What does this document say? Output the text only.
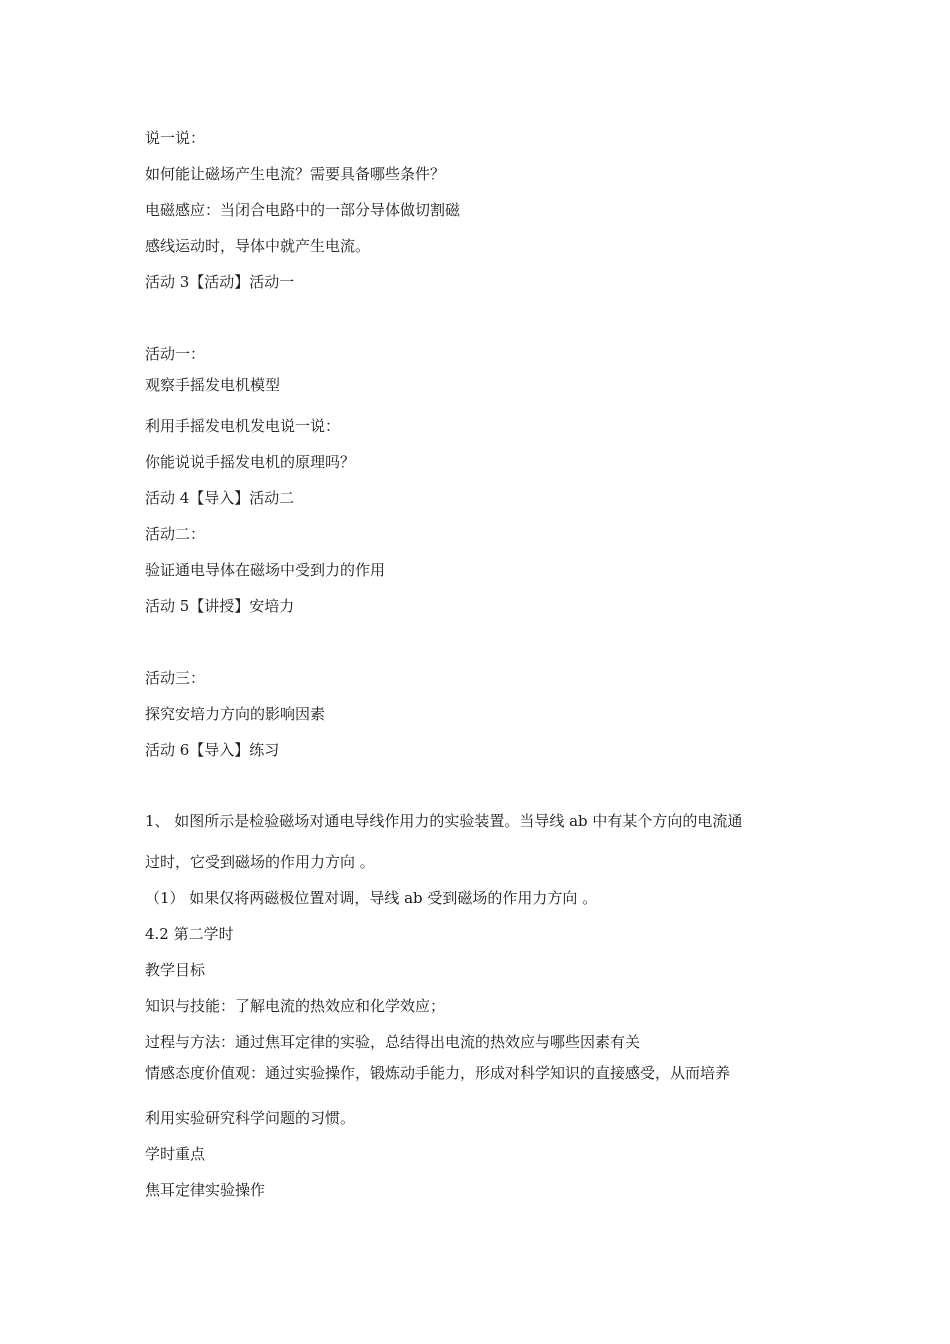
说一说：
如何能让磁场产生电流？需要具备哪些条件？
电磁感应：当闭合电路中的一部分导体做切割磁
感线运动时，导体中就产生电流。
活动 3【活动】活动一
活动一：
观察手摇发电机模型
利用手摇发电机发电说一说：
你能说说手摇发电机的原理吗？
活动 4【导入】活动二
活动二：
验证通电导体在磁场中受到力的作用
活动 5【讲授】安培力
活动三：
探究安培力方向的影响因素
活动 6【导入】练习
1、 如图所示是检验磁场对通电导线作用力的实验装置。当导线 ab 中有某个方向的电流通
过时，它受到磁场的作用力方向 。
（1） 如果仅将两磁极位置对调，导线 ab 受到磁场的作用力方向 。
4.2 第二学时
教学目标
知识与技能：了解电流的热效应和化学效应；
过程与方法：通过焦耳定律的实验，总结得出电流的热效应与哪些因素有关
情感态度价值观：通过实验操作，锻炼动手能力，形成对科学知识的直接感受，从而培养
利用实验研究科学问题的习惯。
学时重点
焦耳定律实验操作
